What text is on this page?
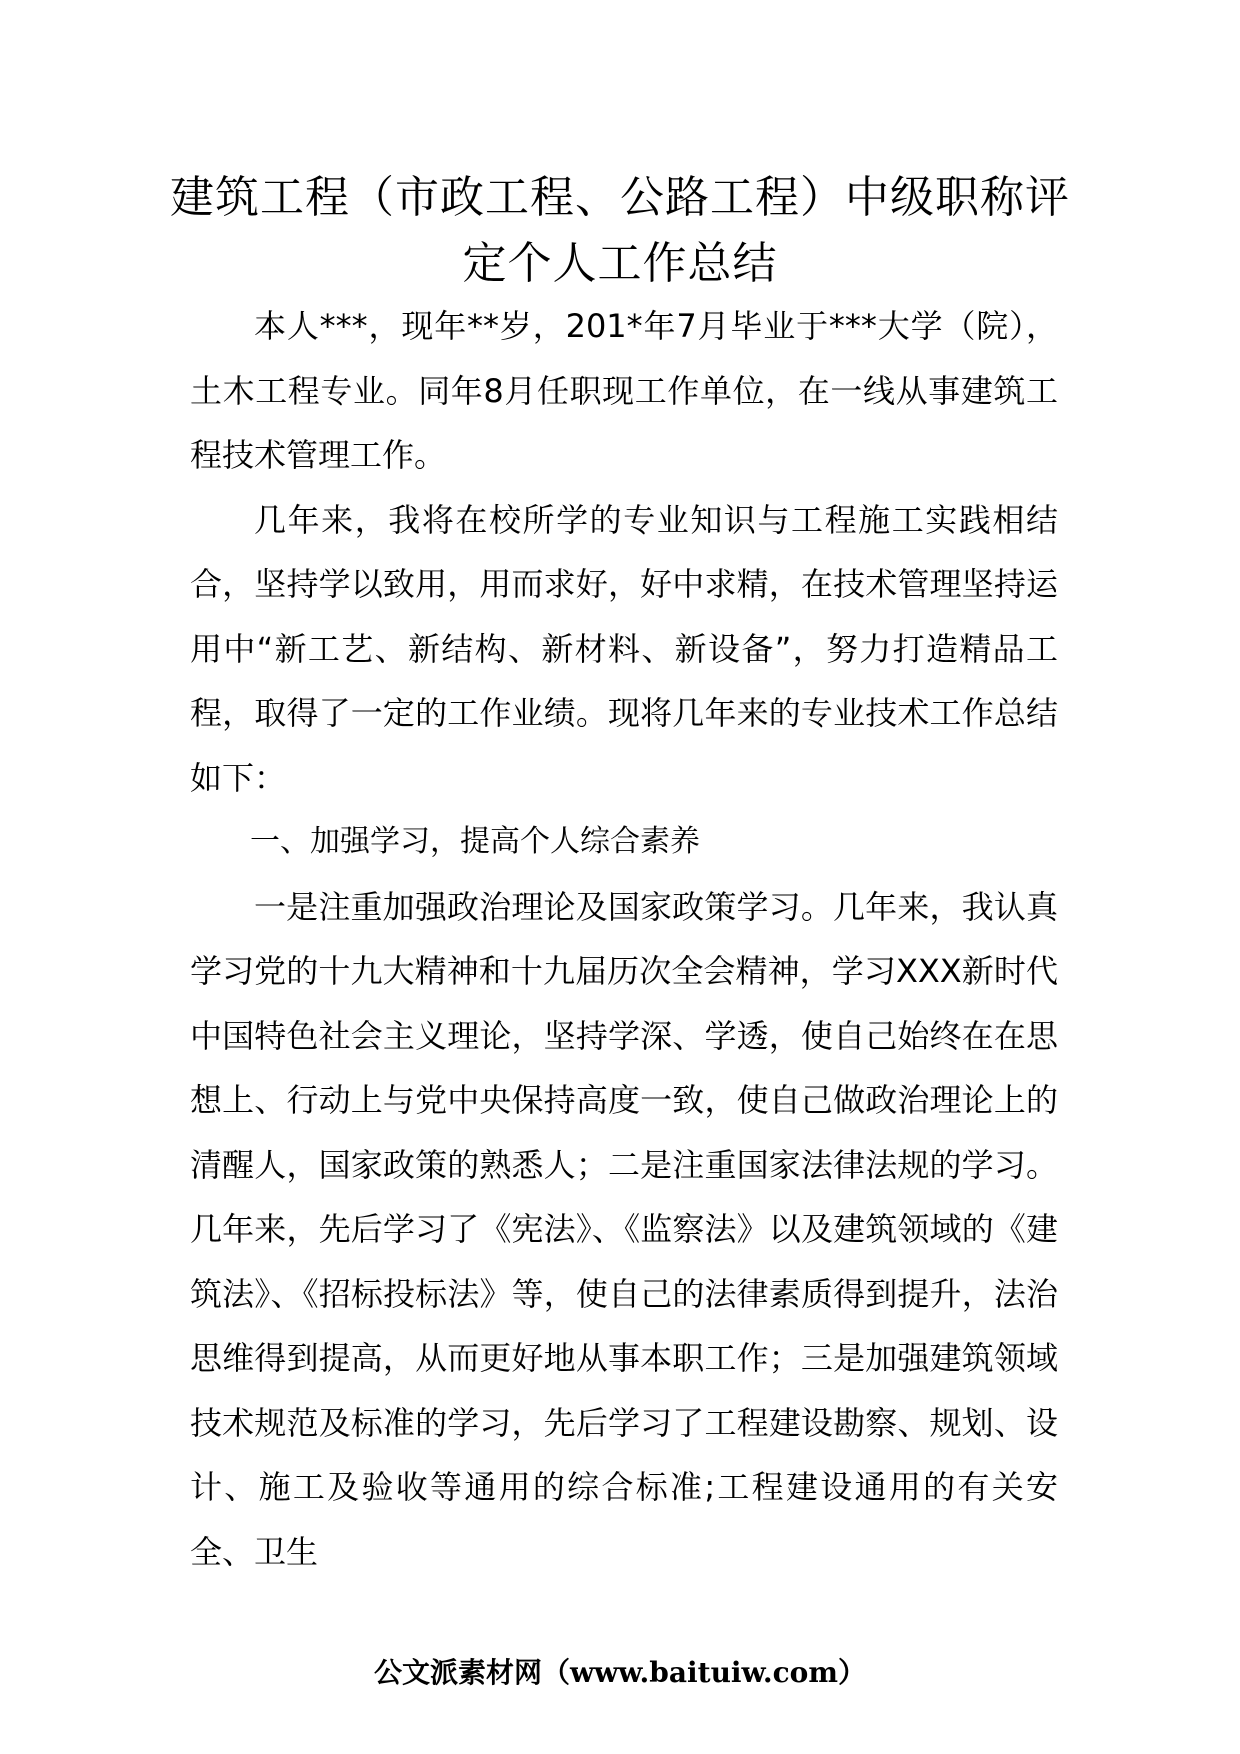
建筑工程（市政工程、公路工程）中级职称评定个人工作总结

本人***，现年**岁，201*年7月毕业于***大学（院），土木工程专业。同年8月任职现工作单位，在一线从事建筑工程技术管理工作。

几年来，我将在校所学的专业知识与工程施工实践相结合，坚持学以致用，用而求好，好中求精，在技术管理坚持运用中“新工艺、新结构、新材料、新设备”，努力打造精品工程，取得了一定的工作业绩。现将几年来的专业技术工作总结如下：

一、加强学习，提高个人综合素养

一是注重加强政治理论及国家政策学习。几年来，我认真学习党的十九大精神和十九届历次全会精神，学习XXX新时代中国特色社会主义理论，坚持学深、学透，使自己始终在在思想上、行动上与党中央保持高度一致，使自己做政治理论上的清醒人，国家政策的熟悉人；二是注重国家法律法规的学习。几年来，先后学习了《宪法》、《监察法》以及建筑领域的《建筑法》、《招标投标法》等，使自己的法律素质得到提升，法治思维得到提高，从而更好地从事本职工作；三是加强建筑领域技术规范及标准的学习，先后学习了工程建设勘察、规划、设计、施工及验收等通用的综合标准;工程建设通用的有关安全、卫生

公文派素材网（www.baituiw.com）
